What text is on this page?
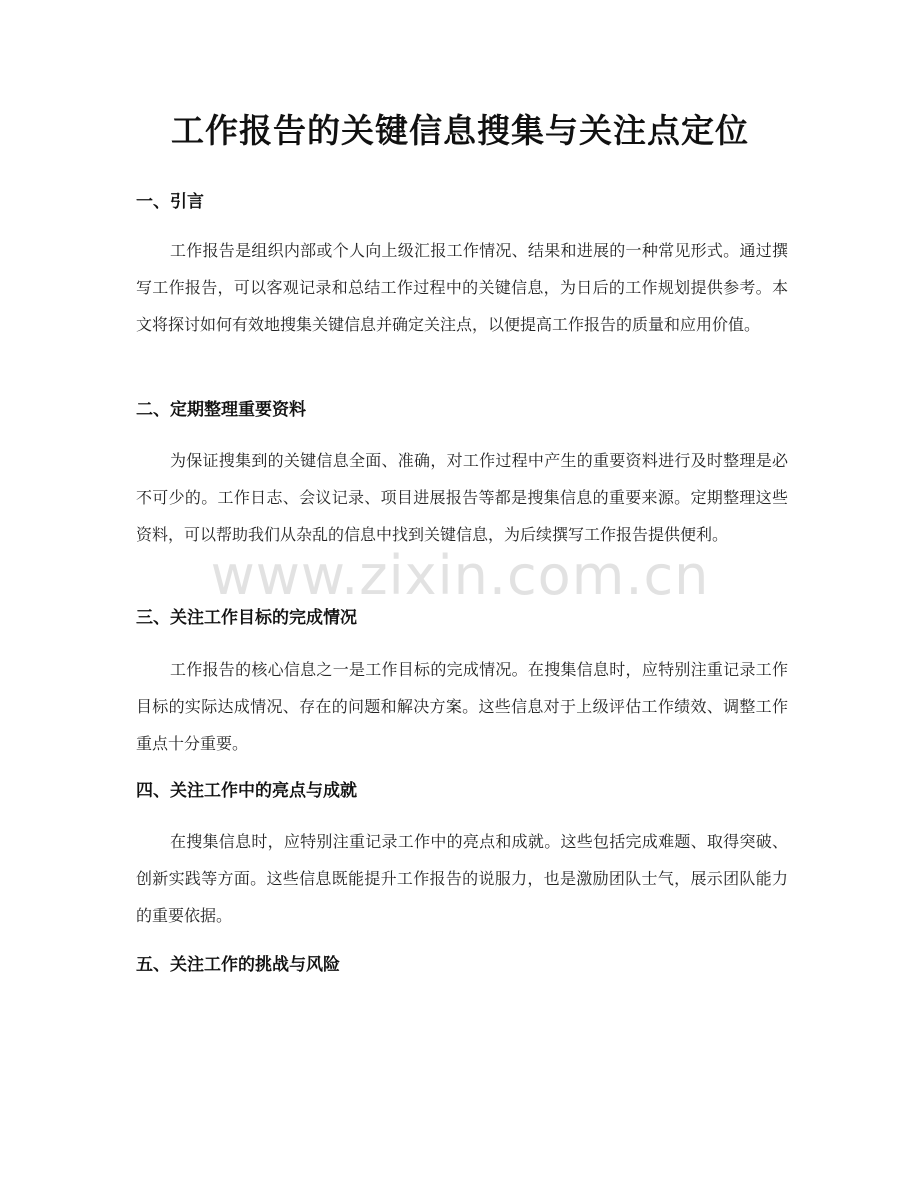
工作报告的关键信息搜集与关注点定位
一、引言

工作报告是组织内部或个人向上级汇报工作情况、结果和进展的一种常见形式。通过撰写工作报告，可以客观记录和总结工作过程中的关键信息，为日后的工作规划提供参考。本文将探讨如何有效地搜集关键信息并确定关注点，以便提高工作报告的质量和应用价值。

二、定期整理重要资料

为保证搜集到的关键信息全面、准确，对工作过程中产生的重要资料进行及时整理是必不可少的。工作日志、会议记录、项目进展报告等都是搜集信息的重要来源。定期整理这些资料，可以帮助我们从杂乱的信息中找到关键信息，为后续撰写工作报告提供便利。

三、关注工作目标的完成情况

工作报告的核心信息之一是工作目标的完成情况。在搜集信息时，应特别注重记录工作目标的实际达成情况、存在的问题和解决方案。这些信息对于上级评估工作绩效、调整工作重点十分重要。

四、关注工作中的亮点与成就

在搜集信息时，应特别注重记录工作中的亮点和成就。这些包括完成难题、取得突破、创新实践等方面。这些信息既能提升工作报告的说服力，也是激励团队士气，展示团队能力的重要依据。

五、关注工作的挑战与风险
www.zixin.com.cn
